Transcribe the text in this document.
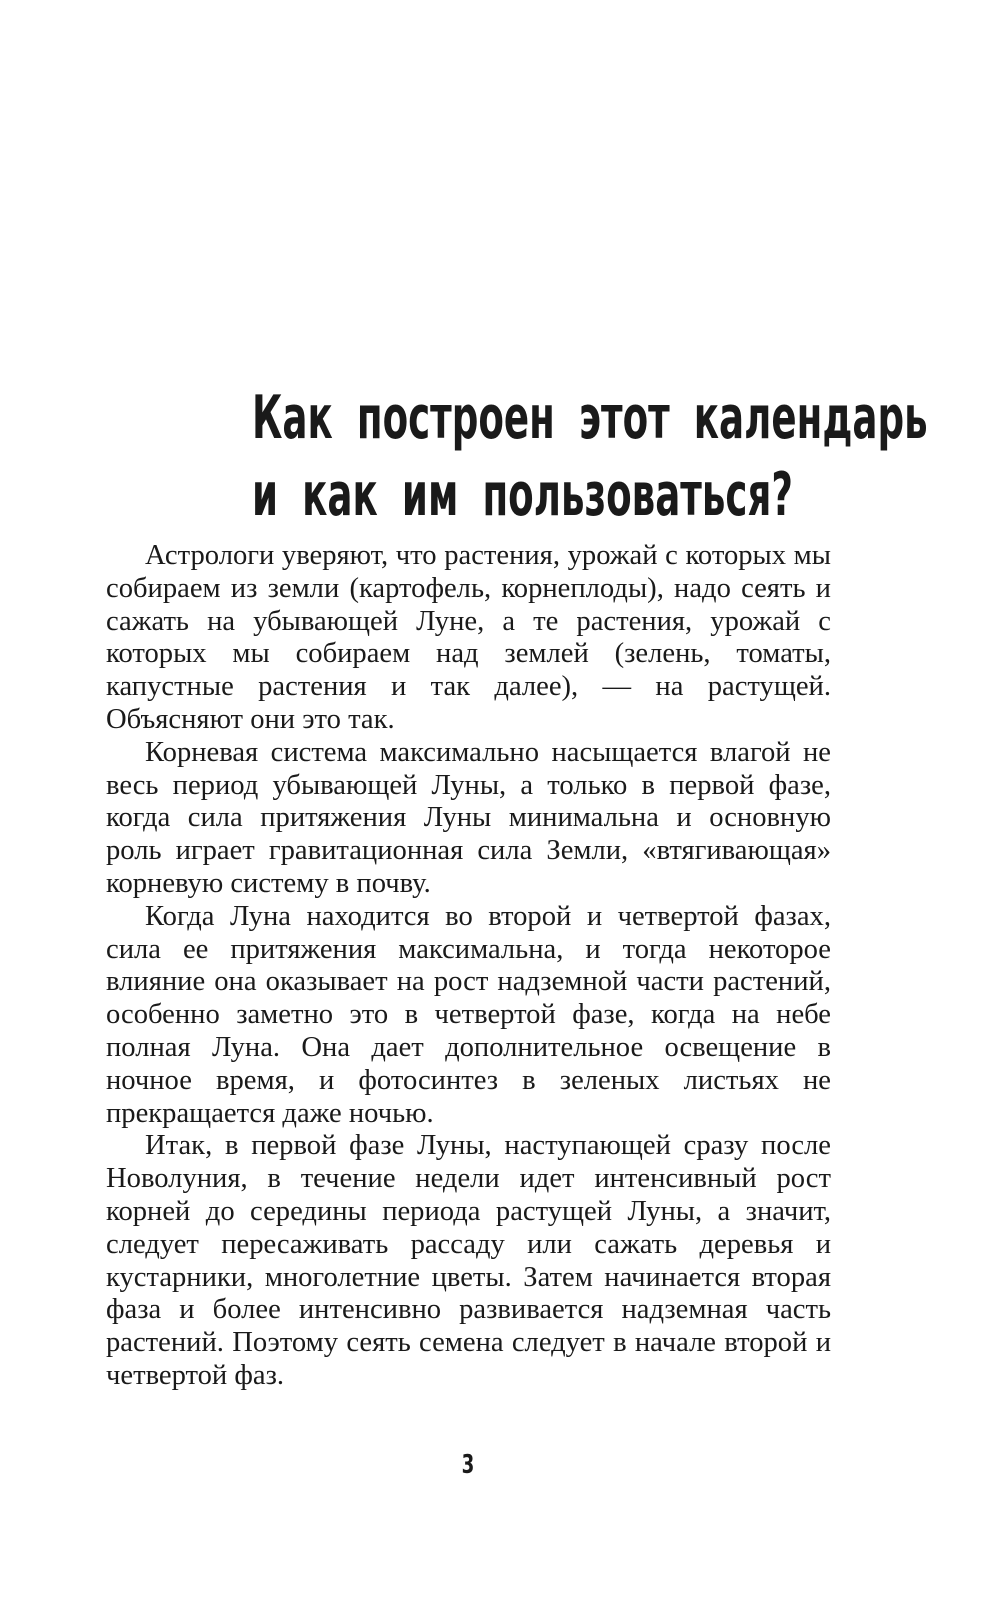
Как построен этот календарь
и как им пользоваться?

Астрологи уверяют, что растения, урожай с которых мы собираем из земли (картофель, корнеплоды), надо сеять и сажать на убывающей Луне, а те растения, урожай с которых мы собираем над землей (зелень, томаты, капустные растения и так далее), — на растущей. Объясняют они это так.

Корневая система максимально насыщается влагой не весь период убывающей Луны, а только в первой фазе, когда сила притяжения Луны минимальна и основную роль играет гравитационная сила Земли, «втягивающая» корневую систему в почву.

Когда Луна находится во второй и четвертой фазах, сила ее притяжения максимальна, и тогда некоторое влияние она оказывает на рост надземной части растений, особенно заметно это в четвертой фазе, когда на небе полная Луна. Она дает дополнительное освещение в ночное время, и фотосинтез в зеленых листьях не прекращается даже ночью.

Итак, в первой фазе Луны, наступающей сразу после Новолуния, в течение недели идет интенсивный рост корней до середины периода растущей Луны, а значит, следует пересаживать рассаду или сажать деревья и кустарники, многолетние цветы. Затем начинается вторая фаза и более интенсивно развивается надземная часть растений. Поэтому сеять семена следует в начале второй и четвертой фаз.

3
